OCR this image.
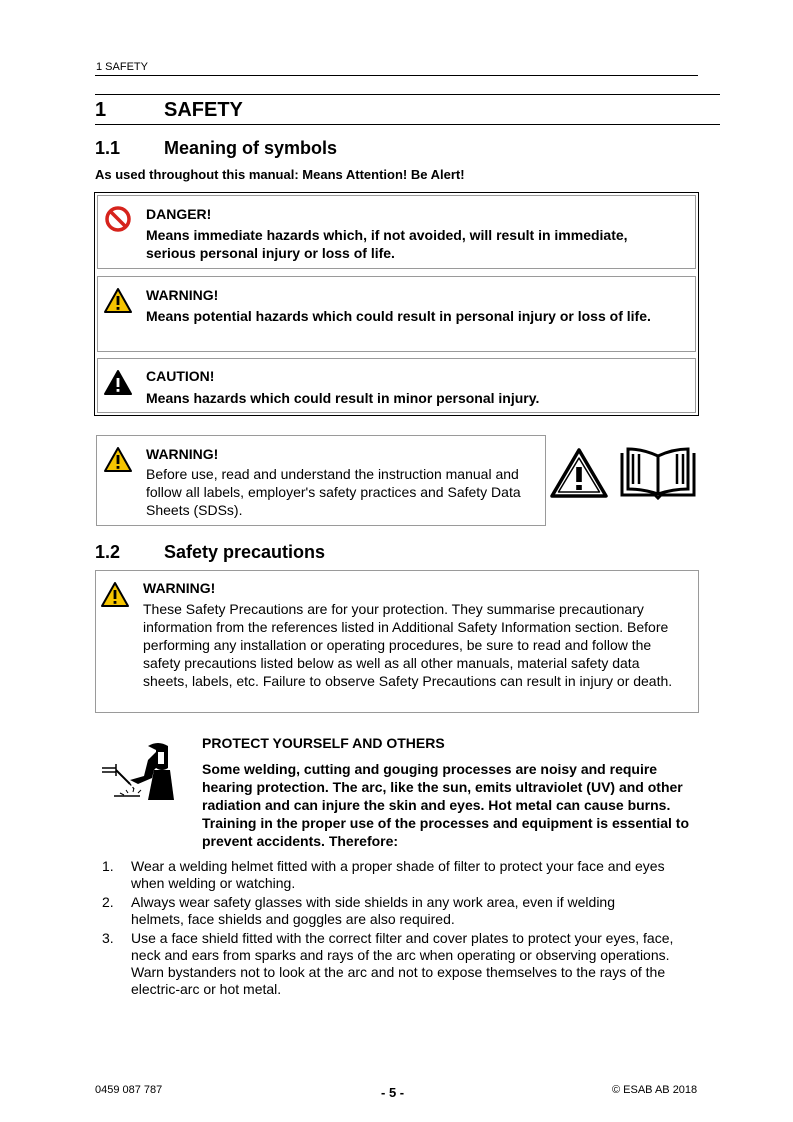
1 SAFETY
1	SAFETY
1.1 Meaning of symbols
As used throughout this manual: Means Attention! Be Alert!
DANGER!
Means immediate hazards which, if not avoided, will result in immediate, serious personal injury or loss of life.
WARNING!
Means potential hazards which could result in personal injury or loss of life.
CAUTION!
Means hazards which could result in minor personal injury.
WARNING!
Before use, read and understand the instruction manual and follow all labels, employer's safety practices and Safety Data Sheets (SDSs).
1.2 Safety precautions
WARNING!
These Safety Precautions are for your protection. They summarise precautionary information from the references listed in Additional Safety Information section. Before performing any installation or operating procedures, be sure to read and follow the safety precautions listed below as well as all other manuals, material safety data sheets, labels, etc. Failure to observe Safety Precautions can result in injury or death.
PROTECT YOURSELF AND OTHERS
Some welding, cutting and gouging processes are noisy and require hearing protection. The arc, like the sun, emits ultraviolet (UV) and other radiation and can injure the skin and eyes. Hot metal can cause burns. Training in the proper use of the processes and equipment is essential to prevent accidents. Therefore:
1. Wear a welding helmet fitted with a proper shade of filter to protect your face and eyes when welding or watching.
2. Always wear safety glasses with side shields in any work area, even if welding helmets, face shields and goggles are also required.
3. Use a face shield fitted with the correct filter and cover plates to protect your eyes, face, neck and ears from sparks and rays of the arc when operating or observing operations. Warn bystanders not to look at the arc and not to expose themselves to the rays of the electric-arc or hot metal.
0459 087 787	- 5 -	© ESAB AB 2018
